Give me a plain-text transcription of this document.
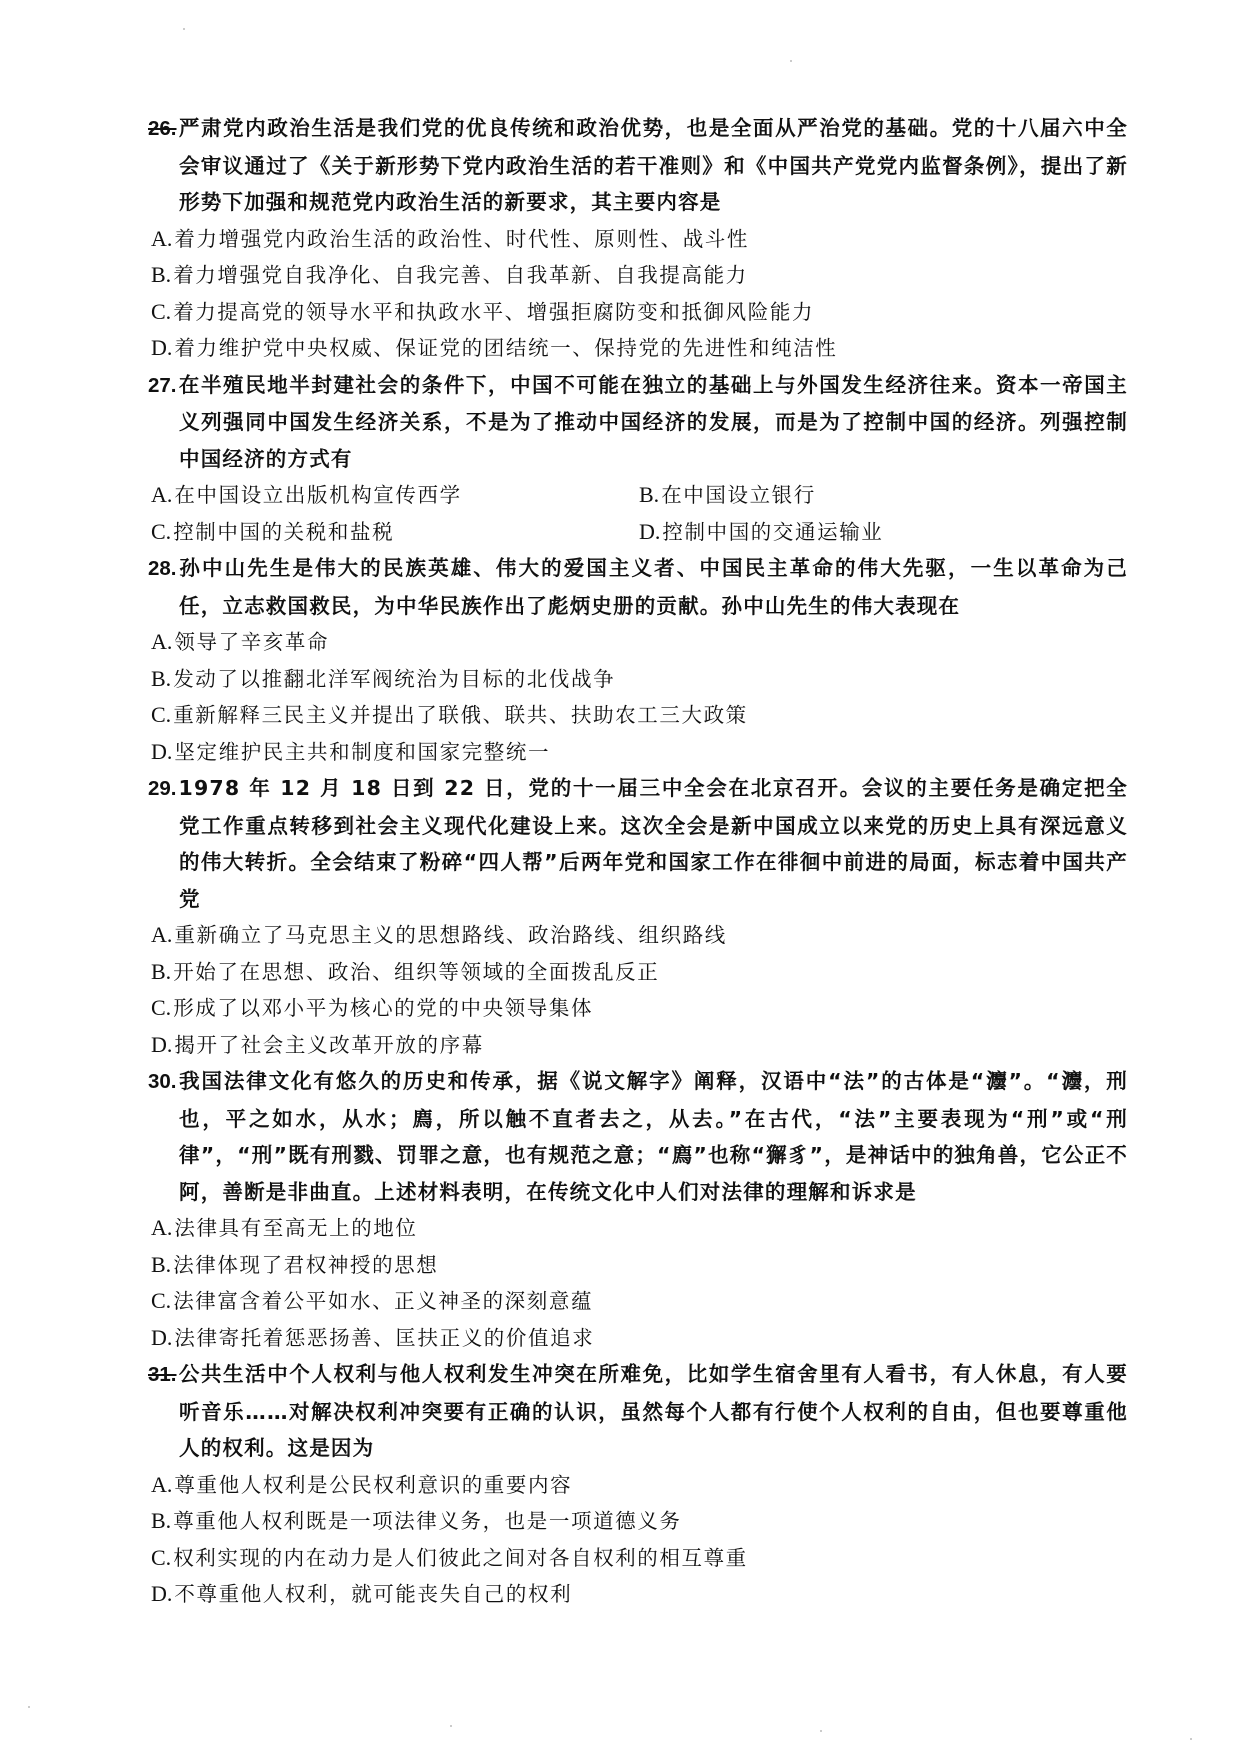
26.严肃党内政治生活是我们党的优良传统和政治优势，也是全面从严治党的基础。党的十八届六中全会审议通过了《关于新形势下党内政治生活的若干准则》和《中国共产党党内监督条例》，提出了新形势下加强和规范党内政治生活的新要求，其主要内容是

A.着力增强党内政治生活的政治性、时代性、原则性、战斗性

B.着力增强党自我净化、自我完善、自我革新、自我提高能力

C.着力提高党的领导水平和执政水平、增强拒腐防变和抵御风险能力

D.着力维护党中央权威、保证党的团结统一、保持党的先进性和纯洁性

27.在半殖民地半封建社会的条件下，中国不可能在独立的基础上与外国发生经济往来。资本一帝国主义列强同中国发生经济关系，不是为了推动中国经济的发展，而是为了控制中国的经济。列强控制中国经济的方式有

A.在中国设立出版机构宣传西学	B.在中国设立银行

C.控制中国的关税和盐税	D.控制中国的交通运输业

28.孙中山先生是伟大的民族英雄、伟大的爱国主义者、中国民主革命的伟大先驱，一生以革命为己任，立志救国救民，为中华民族作出了彪炳史册的贡献。孙中山先生的伟大表现在

A.领导了辛亥革命

B.发动了以推翻北洋军阀统治为目标的北伐战争

C.重新解释三民主义并提出了联俄、联共、扶助农工三大政策

D.坚定维护民主共和制度和国家完整统一

29.1978 年 12 月 18 日到 22 日，党的十一届三中全会在北京召开。会议的主要任务是确定把全党工作重点转移到社会主义现代化建设上来。这次全会是新中国成立以来党的历史上具有深远意义的伟大转折。全会结束了粉碎“四人帮”后两年党和国家工作在徘徊中前进的局面，标志着中国共产党

A.重新确立了马克思主义的思想路线、政治路线、组织路线

B.开始了在思想、政治、组织等领域的全面拨乱反正

C.形成了以邓小平为核心的党的中央领导集体

D.揭开了社会主义改革开放的序幕

30.我国法律文化有悠久的历史和传承，据《说文解字》阐释，汉语中“法”的古体是“灋”。“灋，刑也，平之如水，从水；廌，所以触不直者去之，从去。”在古代，“法”主要表现为“刑”或“刑律”，“刑”既有刑戮、罚罪之意，也有规范之意；“廌”也称“獬豸”，是神话中的独角兽，它公正不阿，善断是非曲直。上述材料表明，在传统文化中人们对法律的理解和诉求是

A.法律具有至高无上的地位

B.法律体现了君权神授的思想

C.法律富含着公平如水、正义神圣的深刻意蕴

D.法律寄托着惩恶扬善、匡扶正义的价值追求

31.公共生活中个人权利与他人权利发生冲突在所难免，比如学生宿舍里有人看书，有人休息，有人要听音乐……对解决权利冲突要有正确的认识，虽然每个人都有行使个人权利的自由，但也要尊重他人的权利。这是因为

A.尊重他人权利是公民权利意识的重要内容

B.尊重他人权利既是一项法律义务，也是一项道德义务

C.权利实现的内在动力是人们彼此之间对各自权利的相互尊重

D.不尊重他人权利，就可能丧失自己的权利
